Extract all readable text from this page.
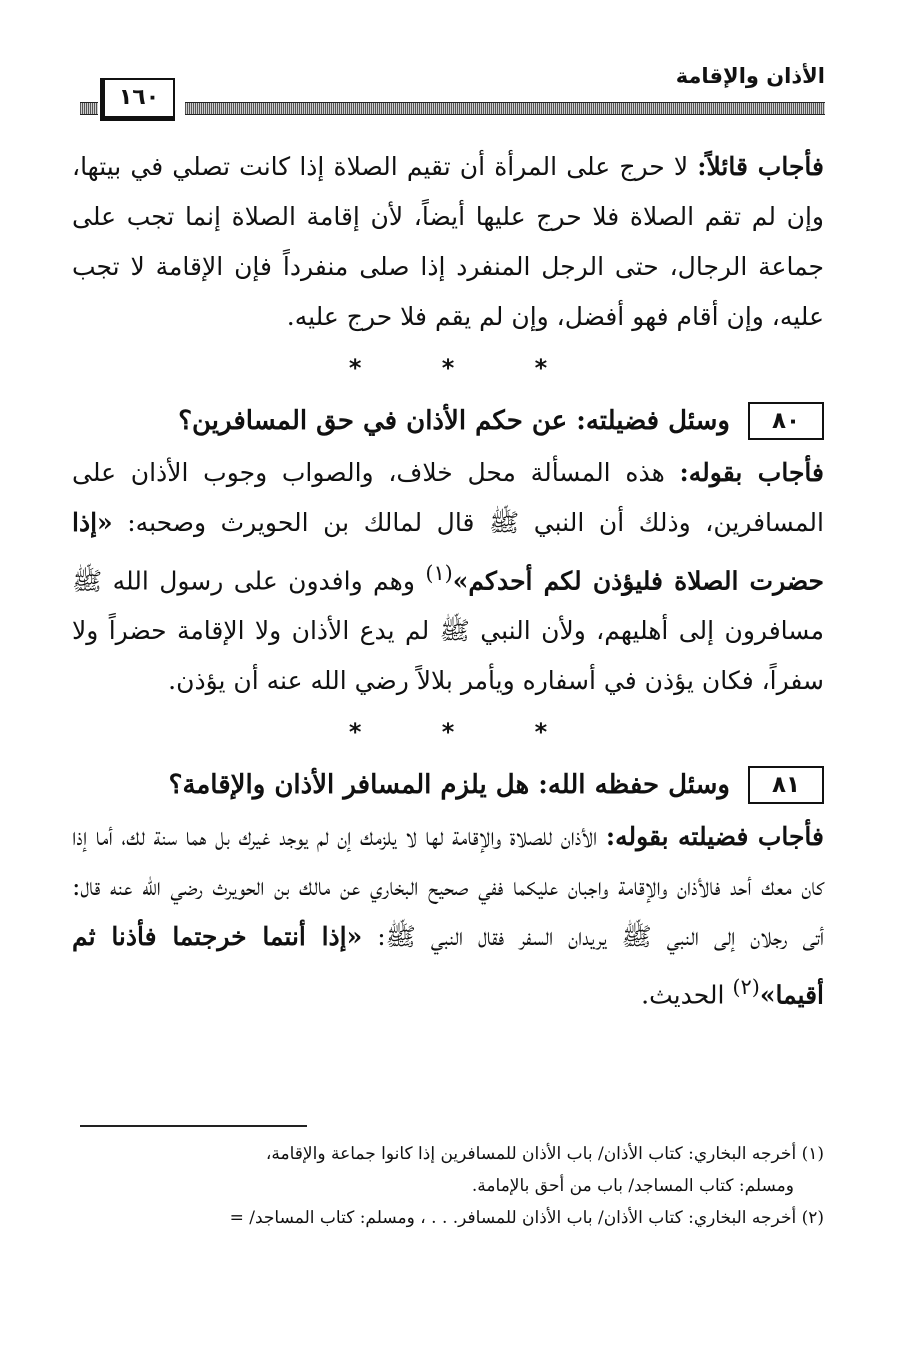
الأذان والإقامة
١٦٠

فأجاب قائلاً: لا حرج على المرأة أن تقيم الصلاة إذا كانت تصلي في بيتها، وإن لم تقم الصلاة فلا حرج عليها أيضاً، لأن إقامة الصلاة إنما تجب على جماعة الرجال، حتى الرجل المنفرد إذا صلى منفرداً فإن الإقامة لا تجب عليه، وإن أقام فهو أفضل، وإن لم يقم فلا حرج عليه.

* * *

٨٠
وسئل فضيلته: عن حكم الأذان في حق المسافرين؟

فأجاب بقوله: هذه المسألة محل خلاف، والصواب وجوب الأذان على المسافرين، وذلك أن النبي ﷺ قال لمالك بن الحويرث وصحبه: «إذا حضرت الصلاة فليؤذن لكم أحدكم»$^{(١)}$ وهم وافدون على رسول الله ﷺ مسافرون إلى أهليهم، ولأن النبي ﷺ لم يدع الأذان ولا الإقامة حضراً ولا سفراً، فكان يؤذن في أسفاره ويأمر بلالاً رضي الله عنه أن يؤذن.

* * *

٨١
وسئل حفظه الله: هل يلزم المسافر الأذان والإقامة؟

فأجاب فضيلته بقوله: الأذان للصلاة والإقامة لها لا يلزمك إن لم يوجد غيرك بل هما سنة لك، أما إذا كان معك أحد فالأذان والإقامة واجبان عليكما ففي صحيح البخاري عن مالك بن الحويرث رضي الله عنه قال: أتى رجلان إلى النبي ﷺ يريدان السفر فقال النبي ﷺ: «إذا أنتما خرجتما فأذنا ثم أقيما»$^{(٢)}$ الحديث.

(١) أخرجه البخاري: كتاب الأذان/ باب الأذان للمسافرين إذا كانوا جماعة والإقامة،

ومسلم: كتاب المساجد/ باب من أحق بالإمامة.

(٢) أخرجه البخاري: كتاب الأذان/ باب الأذان للمسافر. . . ، ومسلم: كتاب المساجد/ =
